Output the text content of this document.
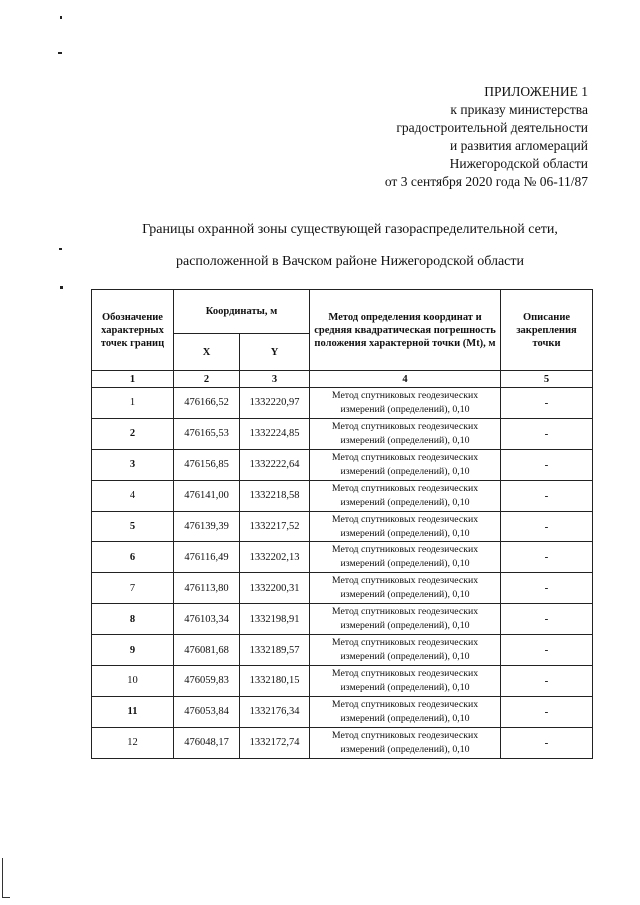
ПРИЛОЖЕНИЕ 1
к приказу министерства
градостроительной деятельности
и развития агломераций
Нижегородской области
от 3 сентября 2020 года № 06-11/87
Границы охранной зоны существующей газораспределительной сети,
расположенной в Вачском районе Нижегородской области
Обозначение характерных точек границ	Координаты, м		Метод определения координат и средняя квадратическая погрешность положения характерной точки (Mt), м	Описание закрепления точки
	X	Y		
1	2	3	4	5
1	476166,52	1332220,97	Метод спутниковых геодезических измерений (определений), 0,10	-
2	476165,53	1332224,85	Метод спутниковых геодезических измерений (определений), 0,10	-
3	476156,85	1332222,64	Метод спутниковых геодезических измерений (определений), 0,10	-
4	476141,00	1332218,58	Метод спутниковых геодезических измерений (определений), 0,10	-
5	476139,39	1332217,52	Метод спутниковых геодезических измерений (определений), 0,10	-
6	476116,49	1332202,13	Метод спутниковых геодезических измерений (определений), 0,10	-
7	476113,80	1332200,31	Метод спутниковых геодезических измерений (определений), 0,10	-
8	476103,34	1332198,91	Метод спутниковых геодезических измерений (определений), 0,10	-
9	476081,68	1332189,57	Метод спутниковых геодезических измерений (определений), 0,10	-
10	476059,83	1332180,15	Метод спутниковых геодезических измерений (определений), 0,10	-
11	476053,84	1332176,34	Метод спутниковых геодезических измерений (определений), 0,10	-
12	476048,17	1332172,74	Метод спутниковых геодезических измерений (определений), 0,10	-
